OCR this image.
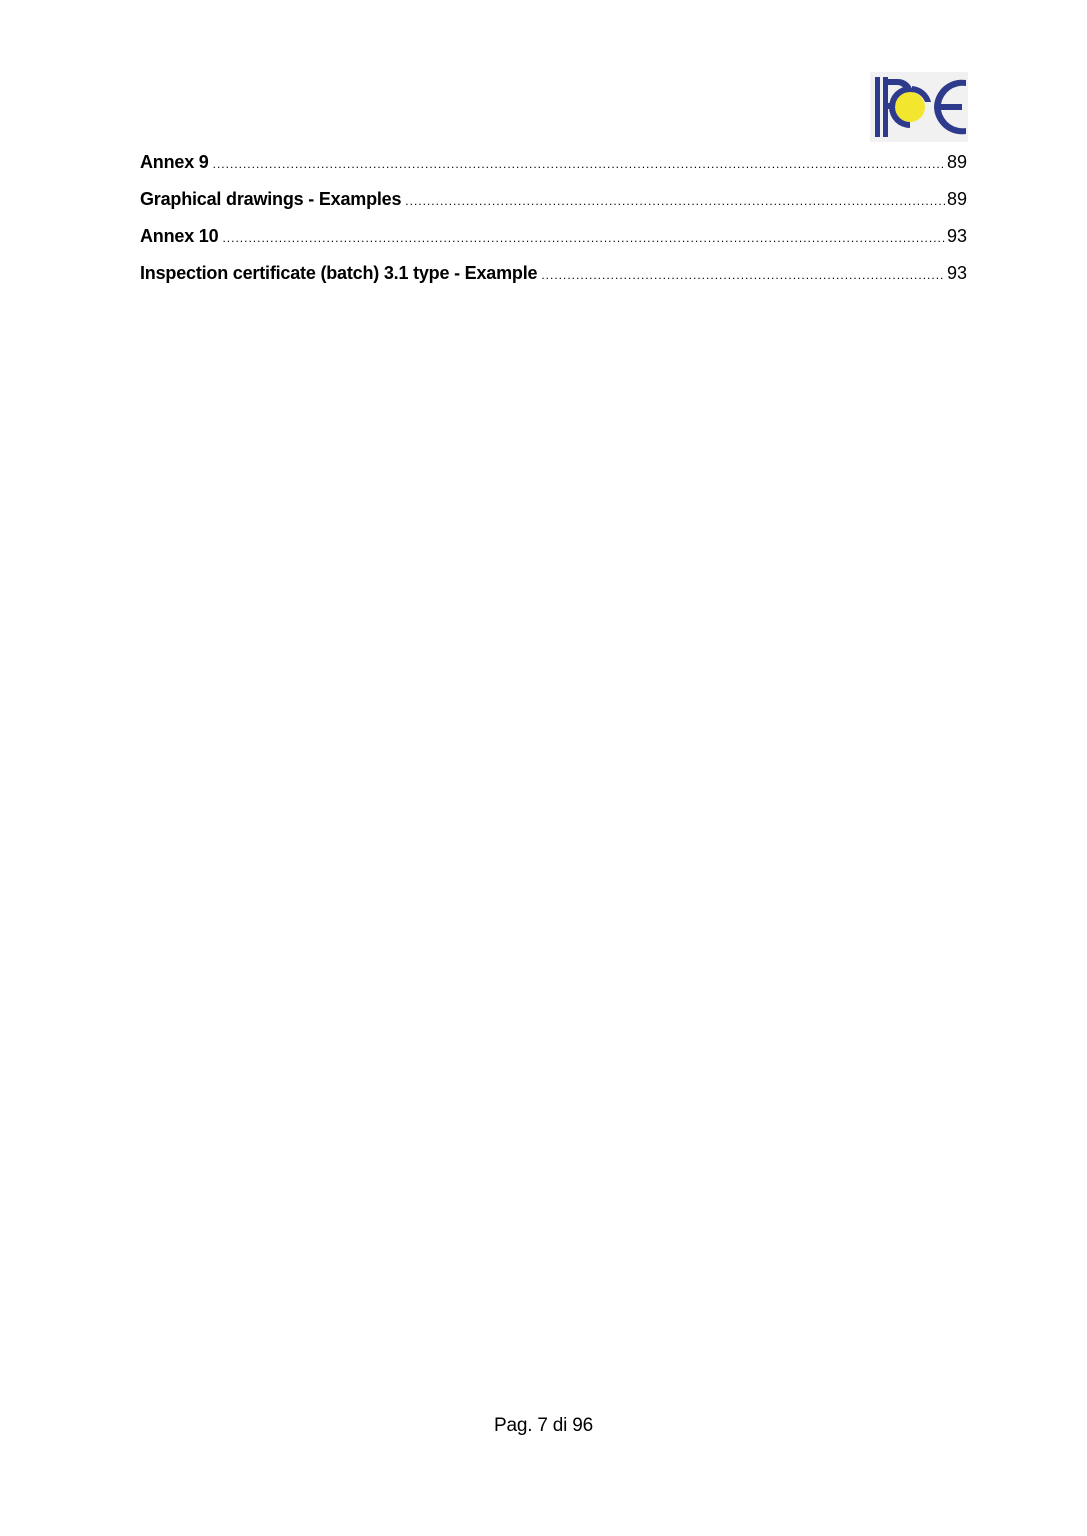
Annex 9 .....	89
Graphical drawings - Examples .....	89
Annex 10 .....	93
Inspection certificate (batch) 3.1 type - Example .....	93
Pag. 7 di 96
